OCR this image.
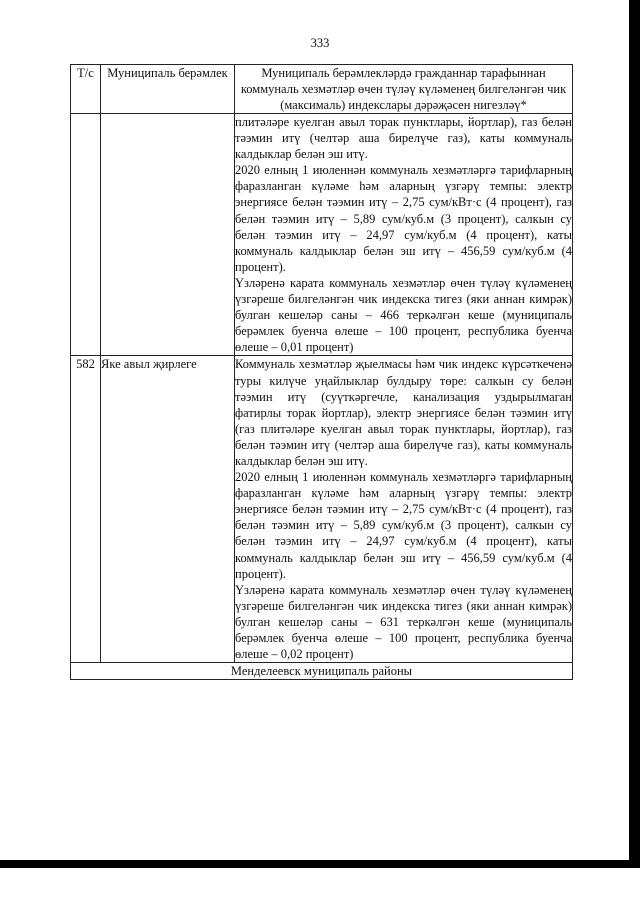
333
Т/с	Муниципаль берәмлек	Муниципаль берәмлекләрдә гражданнар тарафыннан коммуналь хезмәтләр өчен түләү күләменең билгеләнгән чик (максималь) индекслары дәрәҗәсен нигезләү*

		плитәләре куелган авыл торак пунктлары, йортлар), газ белән тәэмин итү (челтәр аша бирелүче газ), каты коммуналь калдыклар белән эш итү.

2020 елның 1 июленнән коммуналь хезмәтләргә тарифларның фаразланган күләме һәм аларның үзгәрү темпы: электр энергиясе белән тәэмин итү – 2,75 сум/кВт·с (4 процент), газ белән тәэмин итү – 5,89 сум/куб.м (3 процент), салкын су белән тәэмин итү – 24,97 сум/куб.м (4 процент), каты коммуналь калдыклар белән эш итү – 456,59 сум/куб.м (4 процент).

Үзләренә карата коммуналь хезмәтләр өчен түләү күләменең үзгәреше билгеләнгән чик индекска тигез (яки аннан кимрәк) булган кешеләр саны – 466 теркәлгән кеше (муниципаль берәмлек буенча өлеше – 100 процент, республика буенча өлеше – 0,01 процент)

582	Яке авыл җирлеге	Коммуналь хезмәтләр җыелмасы һәм чик индекс күрсәткеченә туры килүче уңайлыклар булдыру төре: салкын су белән тәэмин итү (суүткәргечле, канализация уздырылмаган фатирлы торак йортлар), электр энергиясе белән тәэмин итү (газ плитәләре куелган авыл торак пунктлары, йортлар), газ белән тәэмин итү (челтәр аша бирелүче газ), каты коммуналь калдыклар белән эш итү.

2020 елның 1 июленнән коммуналь хезмәтләргә тарифларның фаразланган күләме һәм аларның үзгәрү темпы: электр энергиясе белән тәэмин итү – 2,75 сум/кВт·с (4 процент), газ белән тәэмин итү – 5,89 сум/куб.м (3 процент), салкын су белән тәэмин итү – 24,97 сум/куб.м (4 процент), каты коммуналь калдыклар белән эш итү – 456,59 сум/куб.м (4 процент).

Үзләренә карата коммуналь хезмәтләр өчен түләү күләменең үзгәреше билгеләнгән чик индекска тигез (яки аннан кимрәк) булган кешеләр саны – 631 теркәлгән кеше (муниципаль берәмлек буенча өлеше – 100 процент, республика буенча өлеше – 0,02 процент)

Менделеевск муниципаль районы		
